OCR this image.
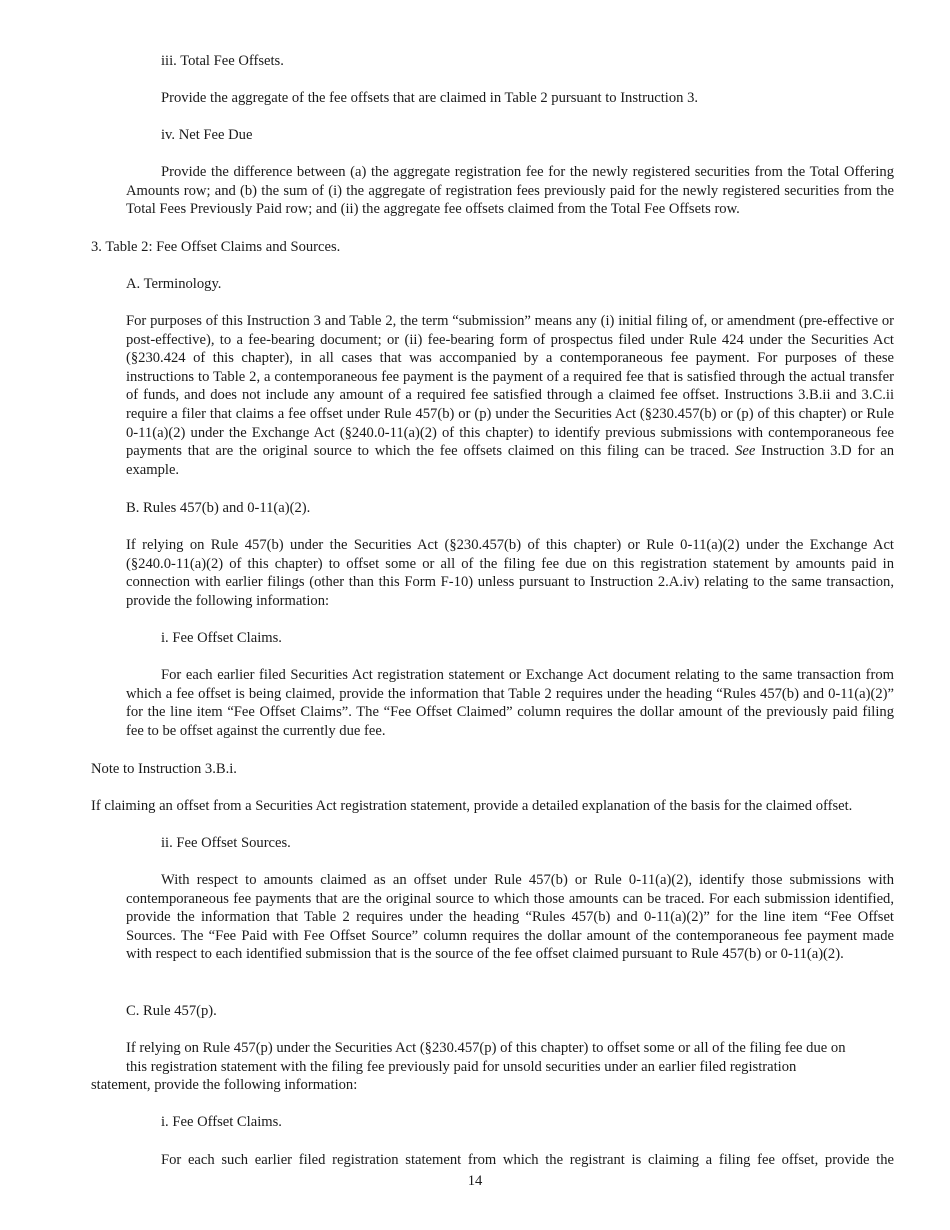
iii. Total Fee Offsets.

Provide the aggregate of the fee offsets that are claimed in Table 2 pursuant to Instruction 3.

iv. Net Fee Due

Provide the difference between (a) the aggregate registration fee for the newly registered securities from the Total Offering Amounts row; and (b) the sum of (i) the aggregate of registration fees previously paid for the newly registered securities from the Total Fees Previously Paid row; and (ii) the aggregate fee offsets claimed from the Total Fee Offsets row.

3. Table 2: Fee Offset Claims and Sources.

A. Terminology.

For purposes of this Instruction 3 and Table 2, the term “submission” means any (i) initial filing of, or amendment (pre-effective or post-effective), to a fee-bearing document; or (ii) fee-bearing form of prospectus filed under Rule 424 under the Securities Act (§230.424 of this chapter), in all cases that was accompanied by a contemporaneous fee payment. For purposes of these instructions to Table 2, a contemporaneous fee payment is the payment of a required fee that is satisfied through the actual transfer of funds, and does not include any amount of a required fee satisfied through a claimed fee offset. Instructions 3.B.ii and 3.C.ii require a filer that claims a fee offset under Rule 457(b) or (p) under the Securities Act (§230.457(b) or (p) of this chapter) or Rule 0-11(a)(2) under the Exchange Act (§240.0-11(a)(2) of this chapter) to identify previous submissions with contemporaneous fee payments that are the original source to which the fee offsets claimed on this filing can be traced. See Instruction 3.D for an example.

B. Rules 457(b) and 0-11(a)(2).

If relying on Rule 457(b) under the Securities Act (§230.457(b) of this chapter) or Rule 0-11(a)(2) under the Exchange Act (§240.0-11(a)(2) of this chapter) to offset some or all of the filing fee due on this registration statement by amounts paid in connection with earlier filings (other than this Form F-10) unless pursuant to Instruction 2.A.iv) relating to the same transaction, provide the following information:

i. Fee Offset Claims.

For each earlier filed Securities Act registration statement or Exchange Act document relating to the same transaction from which a fee offset is being claimed, provide the information that Table 2 requires under the heading “Rules 457(b) and 0-11(a)(2)” for the line item “Fee Offset Claims”. The “Fee Offset Claimed” column requires the dollar amount of the previously paid filing fee to be offset against the currently due fee.

Note to Instruction 3.B.i.

If claiming an offset from a Securities Act registration statement, provide a detailed explanation of the basis for the claimed offset.

ii. Fee Offset Sources.

With respect to amounts claimed as an offset under Rule 457(b) or Rule 0-11(a)(2), identify those submissions with contemporaneous fee payments that are the original source to which those amounts can be traced. For each submission identified, provide the information that Table 2 requires under the heading “Rules 457(b) and 0-11(a)(2)” for the line item “Fee Offset Sources. The “Fee Paid with Fee Offset Source” column requires the dollar amount of the contemporaneous fee payment made with respect to each identified submission that is the source of the fee offset claimed pursuant to Rule 457(b) or 0-11(a)(2).

C. Rule 457(p).

If relying on Rule 457(p) under the Securities Act (§230.457(p) of this chapter) to offset some or all of the filing fee due on

this registration statement with the filing fee previously paid for unsold securities under an earlier filed registration

statement, provide the following information:

i. Fee Offset Claims.

For each such earlier filed registration statement from which the registrant is claiming a filing fee offset, provide the

14
